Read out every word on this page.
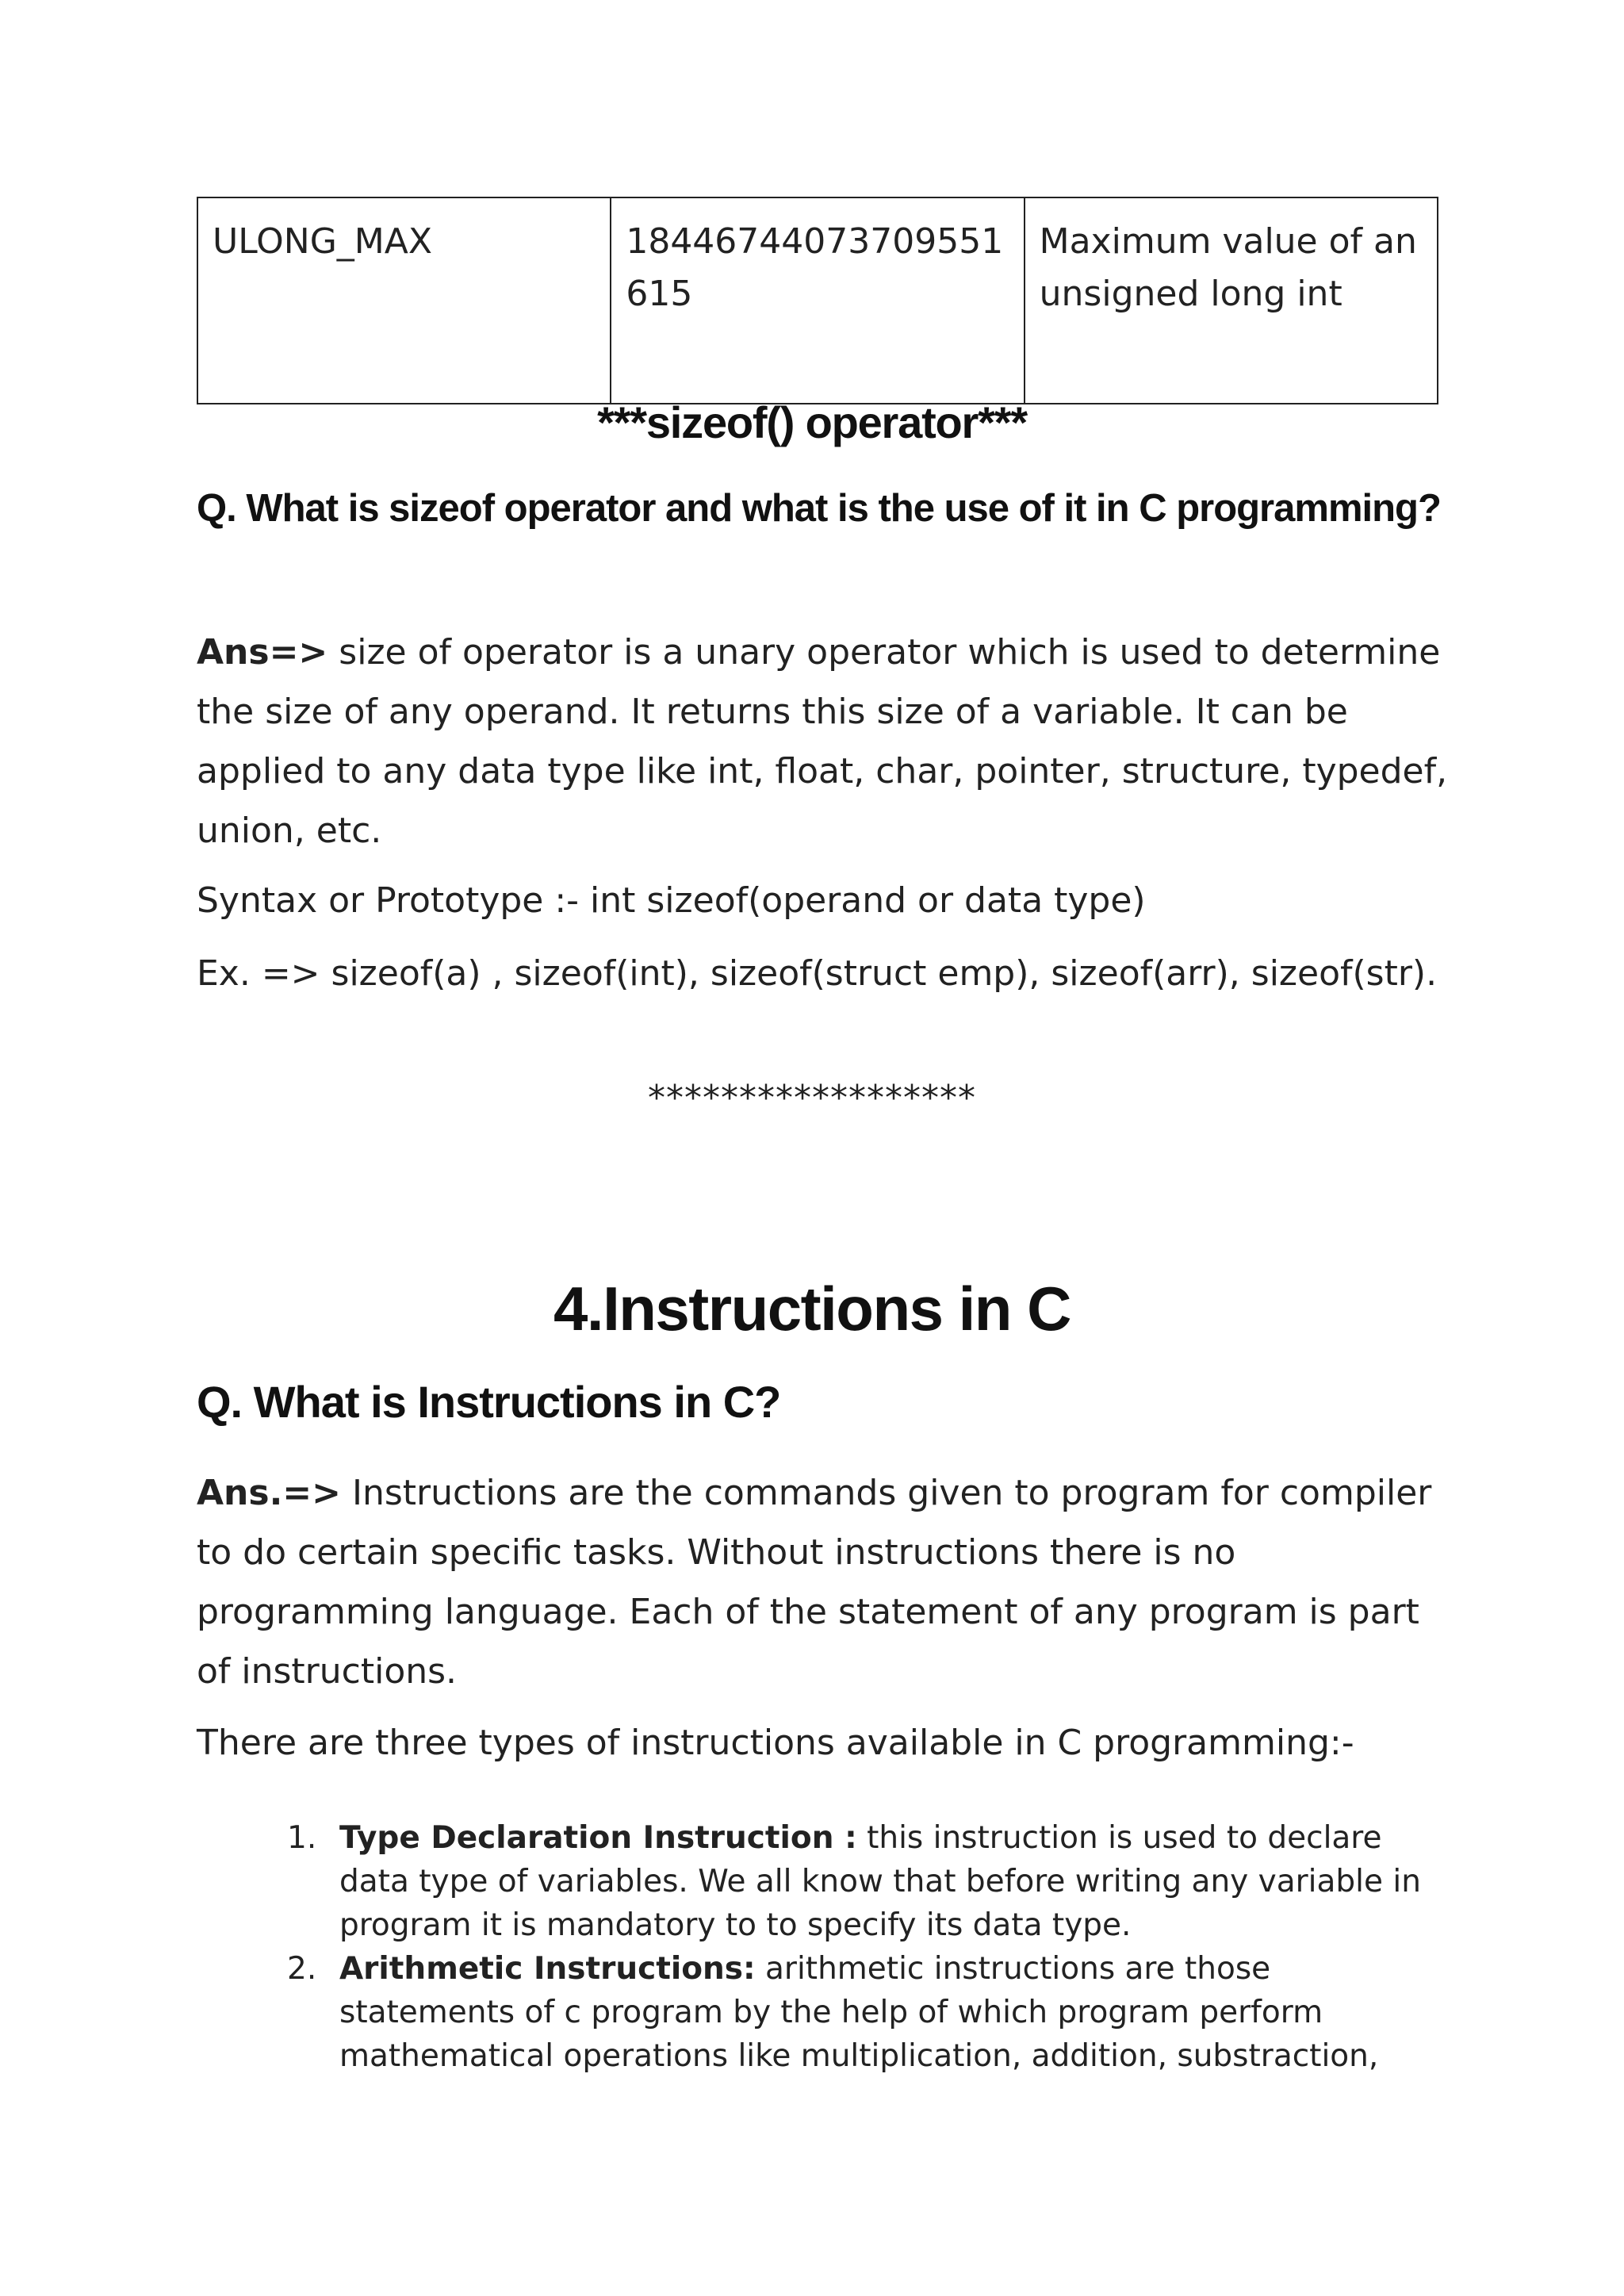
ULONG_MAX	18446744073709551615	Maximum value of an unsigned long int
***sizeof() operator***
Q. What is sizeof operator and what is the use of it in C programming?
Ans=> size of operator is a unary operator which is used to determine the size of any operand. It returns this size of a variable. It can be applied to any data type like int, float, char, pointer, structure, typedef, union, etc.
Syntax or Prototype :- int sizeof(operand or data type)
Ex. => sizeof(a) , sizeof(int), sizeof(struct emp), sizeof(arr), sizeof(str).
******************
4.Instructions in C
Q. What is Instructions in C?
Ans.=> Instructions are the commands given to program for compiler to do certain specific tasks. Without instructions there is no programming language. Each of the statement of any program is part of instructions.
There are three types of instructions available in C programming:-
1. Type Declaration Instruction : this instruction is used to declare data type of variables. We all know that before writing any variable in program it is mandatory to to specify its data type.
2. Arithmetic Instructions: arithmetic instructions are those statements of c program by the help of which program perform mathematical operations like multiplication, addition, substraction,
